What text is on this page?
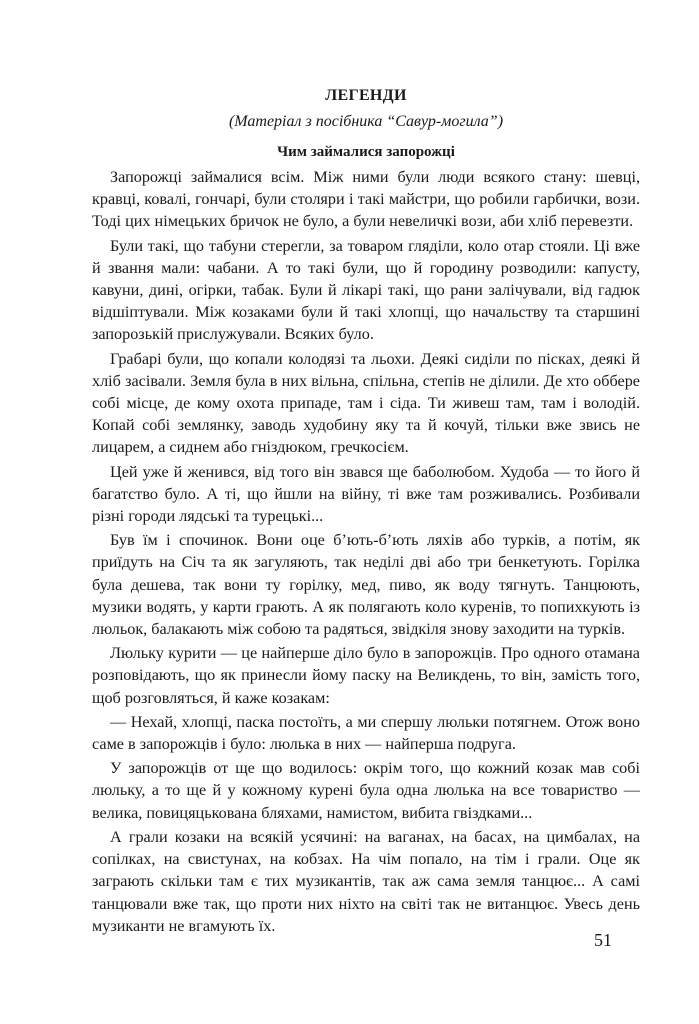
ЛЕГЕНДИ
(Матеріал з посібника “Савур-могила”)
Чим займалися запорожці

Запорожці займалися всім. Між ними були люди всякого стану: шевці, кравці, ковалі, гончарі, були столяри і такі майстри, що робили гарбички, вози. Тоді цих німецьких бричок не було, а були невеличкі вози, аби хліб перевезти.

Були такі, що табуни стерегли, за товаром гляділи, коло отар стояли. Ці вже й звання мали: чабани. А то такі були, що й городину розводили: капусту, кавуни, дині, огірки, табак. Були й лікарі такі, що рани залічували, від гадюк відшіптували. Між козаками були й такі хлопці, що начальству та старшині запорозькій прислужували. Всяких було.

Грабарі були, що копали колодязі та льохи. Деякі сиділи по пісках, деякі й хліб засівали. Земля була в них вільна, спільна, степів не ділили. Де хто оббере собі місце, де кому охота припаде, там і сіда. Ти живеш там, там і володій. Копай собі землянку, заводь худобину яку та й кочуй, тільки вже звись не лицарем, а сиднем або гніздюком, гречкосієм.

Цей уже й женився, від того він звався ще баболюбом. Худоба — то його й багатство було. А ті, що йшли на війну, ті вже там розживались. Розбивали різні городи лядські та турецькі...

Був їм і спочинок. Вони оце б’ють-б’ють ляхів або турків, а потім, як приїдуть на Січ та як загуляють, так неділі дві або три бенкетують. Горілка була дешева, так вони ту горілку, мед, пиво, як воду тягнуть. Танцюють, музики водять, у карти грають. А як полягають коло куренів, то попихкують із люльок, балакають між собою та радяться, звідкіля знову заходити на турків.

Люльку курити — це найперше діло було в запорожців. Про одного отамана розповідають, що як принесли йому паску на Великдень, то він, замість того, щоб розговляться, й каже козакам:

— Нехай, хлопці, паска постоїть, а ми спершу люльки потягнем. Отож воно саме в запорожців і було: люлька в них — найперша подруга.

У запорожців от ще що водилось: окрім того, що кожний козак мав собі люльку, а то ще й у кожному курені була одна люлька на все товариство — велика, повицяцькована бляхами, намистом, вибита гвіздками...

А грали козаки на всякій усячині: на ваганах, на басах, на цимбалах, на сопілках, на свистунах, на кобзах. На чім попало, на тім і грали. Оце як заграють скільки там є тих музикантів, так аж сама земля танцює... А самі танцювали вже так, що проти них ніхто на світі так не витанцює. Увесь день музиканти не вгамують їх.

51
